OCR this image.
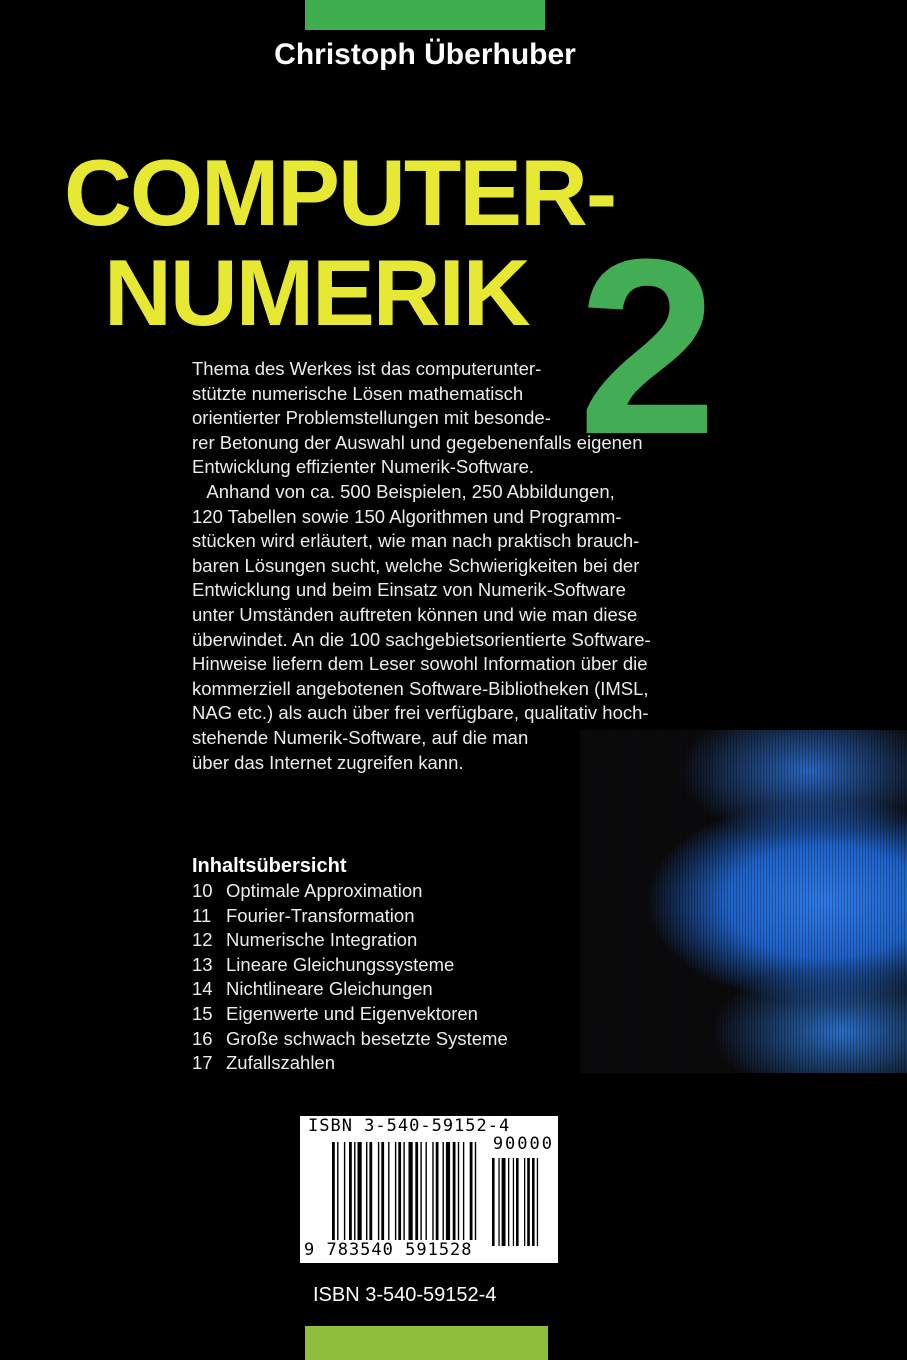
Christoph Überhuber
COMPUTER-
NUMERIK 2
Thema des Werkes ist das computerunter-
stützte numerische Lösen mathematisch
orientierter Problemstellungen mit besonde-
rer Betonung der Auswahl und gegebenenfalls eigenen
Entwicklung effizienter Numerik-Software.
Anhand von ca. 500 Beispielen, 250 Abbildungen,
120 Tabellen sowie 150 Algorithmen und Programm-
stücken wird erläutert, wie man nach praktisch brauch-
baren Lösungen sucht, welche Schwierigkeiten bei der
Entwicklung und beim Einsatz von Numerik-Software
unter Umständen auftreten können und wie man diese
überwindet. An die 100 sachgebietsorientierte Software-
Hinweise liefern dem Leser sowohl Information über die
kommerziell angebotenen Software-Bibliotheken (IMSL,
NAG etc.) als auch über frei verfügbare, qualitativ hoch-
stehende Numerik-Software, auf die man
über das Internet zugreifen kann.
Inhaltsübersicht
10 Optimale Approximation
11 Fourier-Transformation
12 Numerische Integration
13 Lineare Gleichungssysteme
14 Nichtlineare Gleichungen
15 Eigenwerte und Eigenvektoren
16 Große schwach besetzte Systeme
17 Zufallszahlen
ISBN 3-540-59152-4
90000
9 783540 591528
ISBN 3-540-59152-4
